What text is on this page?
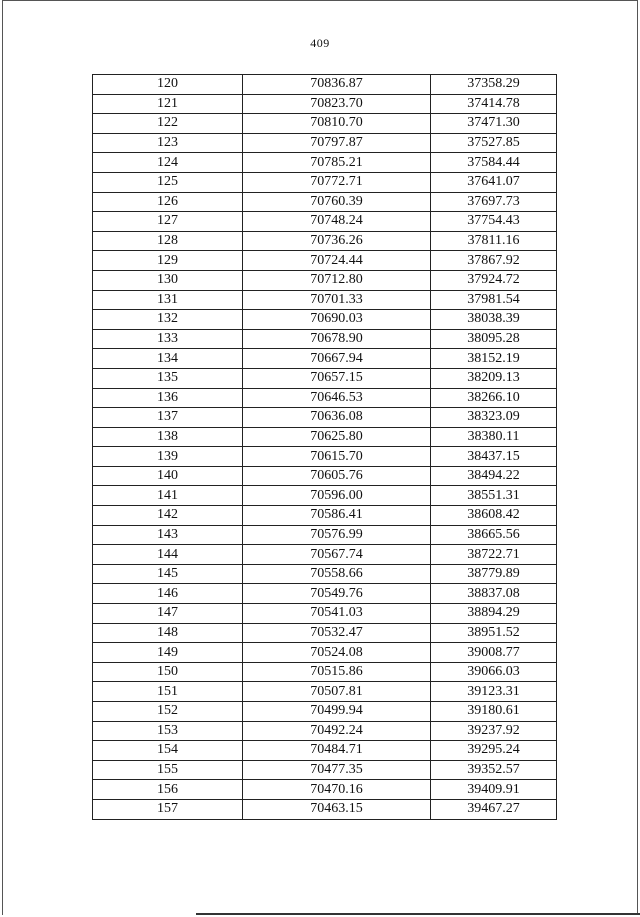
409
120	70836.87	37358.29
121	70823.70	37414.78
122	70810.70	37471.30
123	70797.87	37527.85
124	70785.21	37584.44
125	70772.71	37641.07
126	70760.39	37697.73
127	70748.24	37754.43
128	70736.26	37811.16
129	70724.44	37867.92
130	70712.80	37924.72
131	70701.33	37981.54
132	70690.03	38038.39
133	70678.90	38095.28
134	70667.94	38152.19
135	70657.15	38209.13
136	70646.53	38266.10
137	70636.08	38323.09
138	70625.80	38380.11
139	70615.70	38437.15
140	70605.76	38494.22
141	70596.00	38551.31
142	70586.41	38608.42
143	70576.99	38665.56
144	70567.74	38722.71
145	70558.66	38779.89
146	70549.76	38837.08
147	70541.03	38894.29
148	70532.47	38951.52
149	70524.08	39008.77
150	70515.86	39066.03
151	70507.81	39123.31
152	70499.94	39180.61
153	70492.24	39237.92
154	70484.71	39295.24
155	70477.35	39352.57
156	70470.16	39409.91
157	70463.15	39467.27
